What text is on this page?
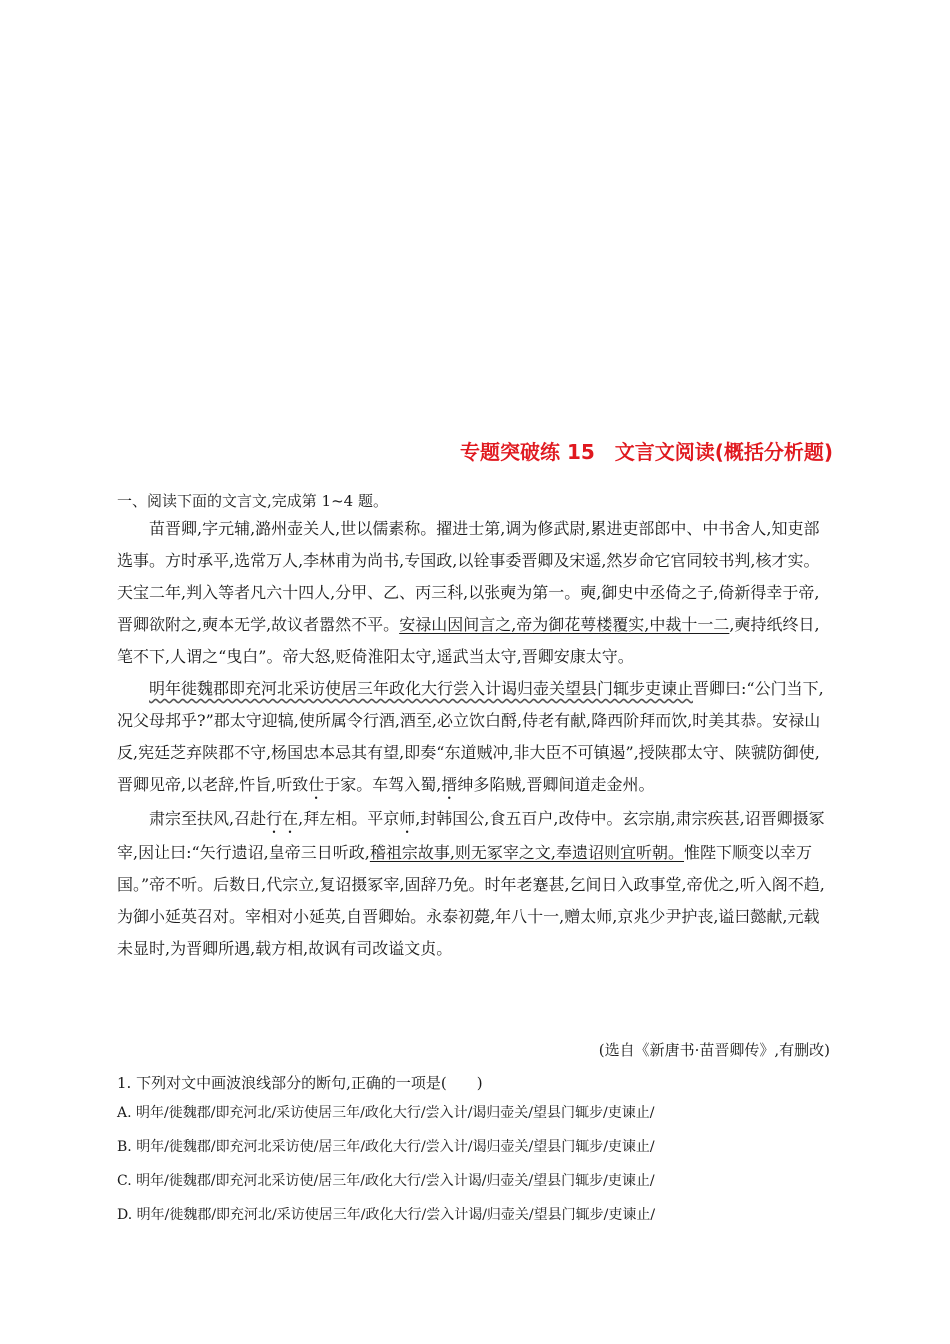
专题突破练 15　文言文阅读(概括分析题)
一、阅读下面的文言文,完成第 1~4 题。

苗晋卿,字元辅,潞州壶关人,世以儒素称。擢进士第,调为修武尉,累进吏部郎中、中书舍人,知吏部选事。方时承平,选常万人,李林甫为尚书,专国政,以铨事委晋卿及宋遥,然岁命它官同较书判,核才实。天宝二年,判入等者凡六十四人,分甲、乙、丙三科,以张奭为第一。奭,御史中丞倚之子,倚新得幸于帝,晋卿欲附之,奭本无学,故议者嚣然不平。安禄山因间言之,帝为御花萼楼覆实,中裁十一二,奭持纸终日,笔不下,人谓之“曳白”。帝大怒,贬倚淮阳太守,遥武当太守,晋卿安康太守。

明年徙魏郡即充河北采访使居三年政化大行尝入计谒归壶关望县门辄步吏谏止晋卿曰:“公门当下,况父母邦乎?”郡太守迎犒,使所属令行酒,酒至,必立饮白酹,侍老有献,降西阶拜而饮,时美其恭。安禄山反,宪廷芝弃陕郡不守,杨国忠本忌其有望,即奏“东道贼冲,非大臣不可镇遏”,授陕郡太守、陕虢防御使,晋卿见帝,以老辞,忤旨,听致仕于家。车驾入蜀,搢绅多陷贼,晋卿间道走金州。

肃宗至扶风,召赴行在,拜左相。平京师,封韩国公,食五百户,改侍中。玄宗崩,肃宗疾甚,诏晋卿摄冢宰,因让曰:“矢行遗诏,皇帝三日听政,稽祖宗故事,则无冢宰之文,奉遗诏则宜听朝。惟陛下顺变以幸万国。”帝不听。后数日,代宗立,复诏摄冢宰,固辞乃免。时年老蹇甚,乞间日入政事堂,帝优之,听入阁不趋,为御小延英召对。宰相对小延英,自晋卿始。永泰初薨,年八十一,赠太师,京兆少尹护丧,谥曰懿献,元载未显时,为晋卿所遇,载方相,故讽有司改谥文贞。

(选自《新唐书·苗晋卿传》,有删改)
1. 下列对文中画波浪线部分的断句,正确的一项是(　　)
A. 明年/徙魏郡/即充河北/采访使居三年/政化大行/尝入计/谒归壶关/望县门辄步/吏谏止/
B. 明年/徙魏郡/即充河北采访使/居三年/政化大行/尝入计/谒归壶关/望县门辄步/吏谏止/
C. 明年/徙魏郡/即充河北采访使/居三年/政化大行/尝入计谒/归壶关/望县门辄步/吏谏止/
D. 明年/徙魏郡/即充河北/采访使居三年/政化大行/尝入计谒/归壶关/望县门辄步/吏谏止/
